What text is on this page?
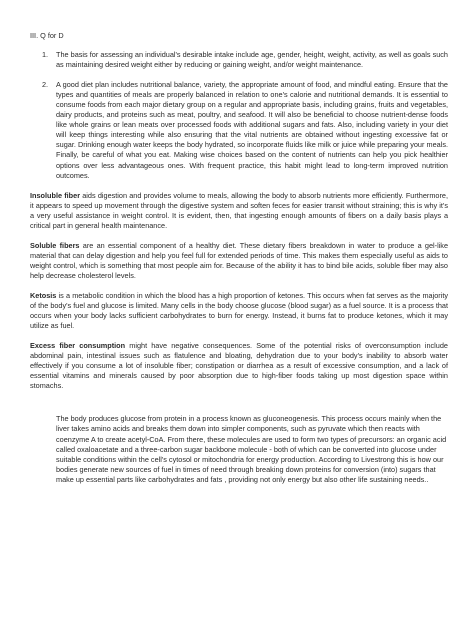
III. Q for D
1.	The basis for assessing an individual's desirable intake include age, gender, height, weight, activity, as well as goals such as maintaining desired weight either by reducing or gaining weight, and/or weight maintenance.
2.	A good diet plan includes nutritional balance, variety, the appropriate amount of food, and mindful eating. Ensure that the types and quantities of meals are properly balanced in relation to one's calorie and nutritional demands. It is essential to consume foods from each major dietary group on a regular and appropriate basis, including grains, fruits and vegetables, dairy products, and proteins such as meat, poultry, and seafood. It will also be beneficial to choose nutrient-dense foods like whole grains or lean meats over processed foods with additional sugars and fats. Also, including variety in your diet will keep things interesting while also ensuring that the vital nutrients are obtained without ingesting excessive fat or sugar. Drinking enough water keeps the body hydrated, so incorporate fluids like milk or juice while preparing your meals. Finally, be careful of what you eat. Making wise choices based on the content of nutrients can help you pick healthier options over less advantageous ones. With frequent practice, this habit might lead to long-term improved nutrition outcomes.

Insoluble fiber aids digestion and provides volume to meals, allowing the body to absorb nutrients more efficiently. Furthermore, it appears to speed up movement through the digestive system and soften feces for easier transit without straining; this is why it's a very useful assistance in weight control. It is evident, then, that ingesting enough amounts of fibers on a daily basis plays a critical part in general health maintenance.

Soluble fibers are an essential component of a healthy diet. These dietary fibers breakdown in water to produce a gel-like material that can delay digestion and help you feel full for extended periods of time. This makes them especially useful as aids to weight control, which is something that most people aim for. Because of the ability it has to bind bile acids, soluble fiber may also help decrease cholesterol levels.

Ketosis is a metabolic condition in which the blood has a high proportion of ketones. This occurs when fat serves as the majority of the body's fuel and glucose is limited. Many cells in the body choose glucose (blood sugar) as a fuel source. It is a process that occurs when your body lacks sufficient carbohydrates to burn for energy. Instead, it burns fat to produce ketones, which it may utilize as fuel.

Excess fiber consumption might have negative consequences. Some of the potential risks of overconsumption include abdominal pain, intestinal issues such as flatulence and bloating, dehydration due to your body's inability to absorb water effectively if you consume a lot of insoluble fiber; constipation or diarrhea as a result of excessive consumption, and a lack of essential vitamins and minerals caused by poor absorption due to high-fiber foods taking up most digestion space within stomachs.

The body produces glucose from protein in a process known as gluconeogenesis. This process occurs mainly when the liver takes amino acids and breaks them down into simpler components, such as pyruvate which then reacts with coenzyme A to create acetyl-CoA. From there, these molecules are used to form two types of precursors: an organic acid called oxaloacetate and a three-carbon sugar backbone molecule - both of which can be converted into glucose under suitable conditions within the cell's cytosol or mitochondria for energy production. According to Livestrong this is how our bodies generate new sources of fuel in times of need through breaking down proteins for conversion (into) sugars that make up essential parts like carbohydrates and fats , providing not only energy but also other life sustaining needs..
